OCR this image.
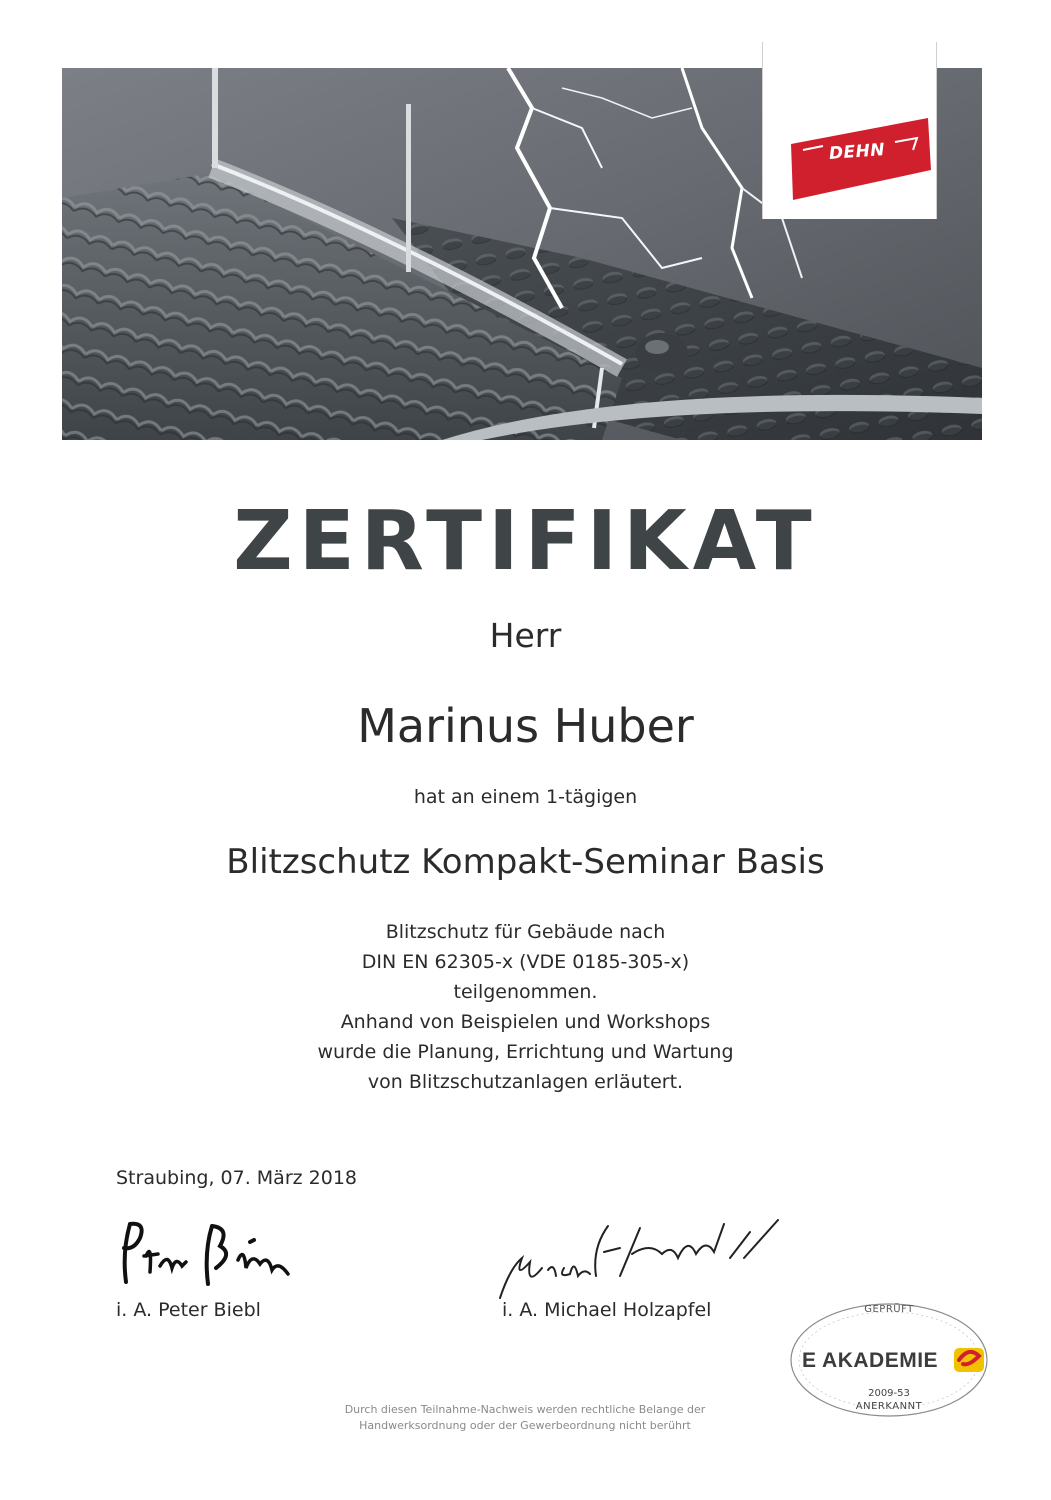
DEHN
ZERTIFIKAT
Herr
Marinus Huber
hat an einem 1-tägigen
Blitzschutz Kompakt-Seminar Basis
Blitzschutz für Gebäude nach
DIN EN 62305-x (VDE 0185-305-x)
teilgenommen.
Anhand von Beispielen und Workshops
wurde die Planung, Errichtung und Wartung
von Blitzschutzanlagen erläutert.
Straubing, 07. März 2018
i. A. Peter Biebl	i. A. Michael Holzapfel	GEPRÜFT
E AKADEMIE
2009-53
ANERKANNT
Durch diesen Teilnahme-Nachweis werden rechtliche Belange der
Handwerksordnung oder der Gewerbeordnung nicht berührt
